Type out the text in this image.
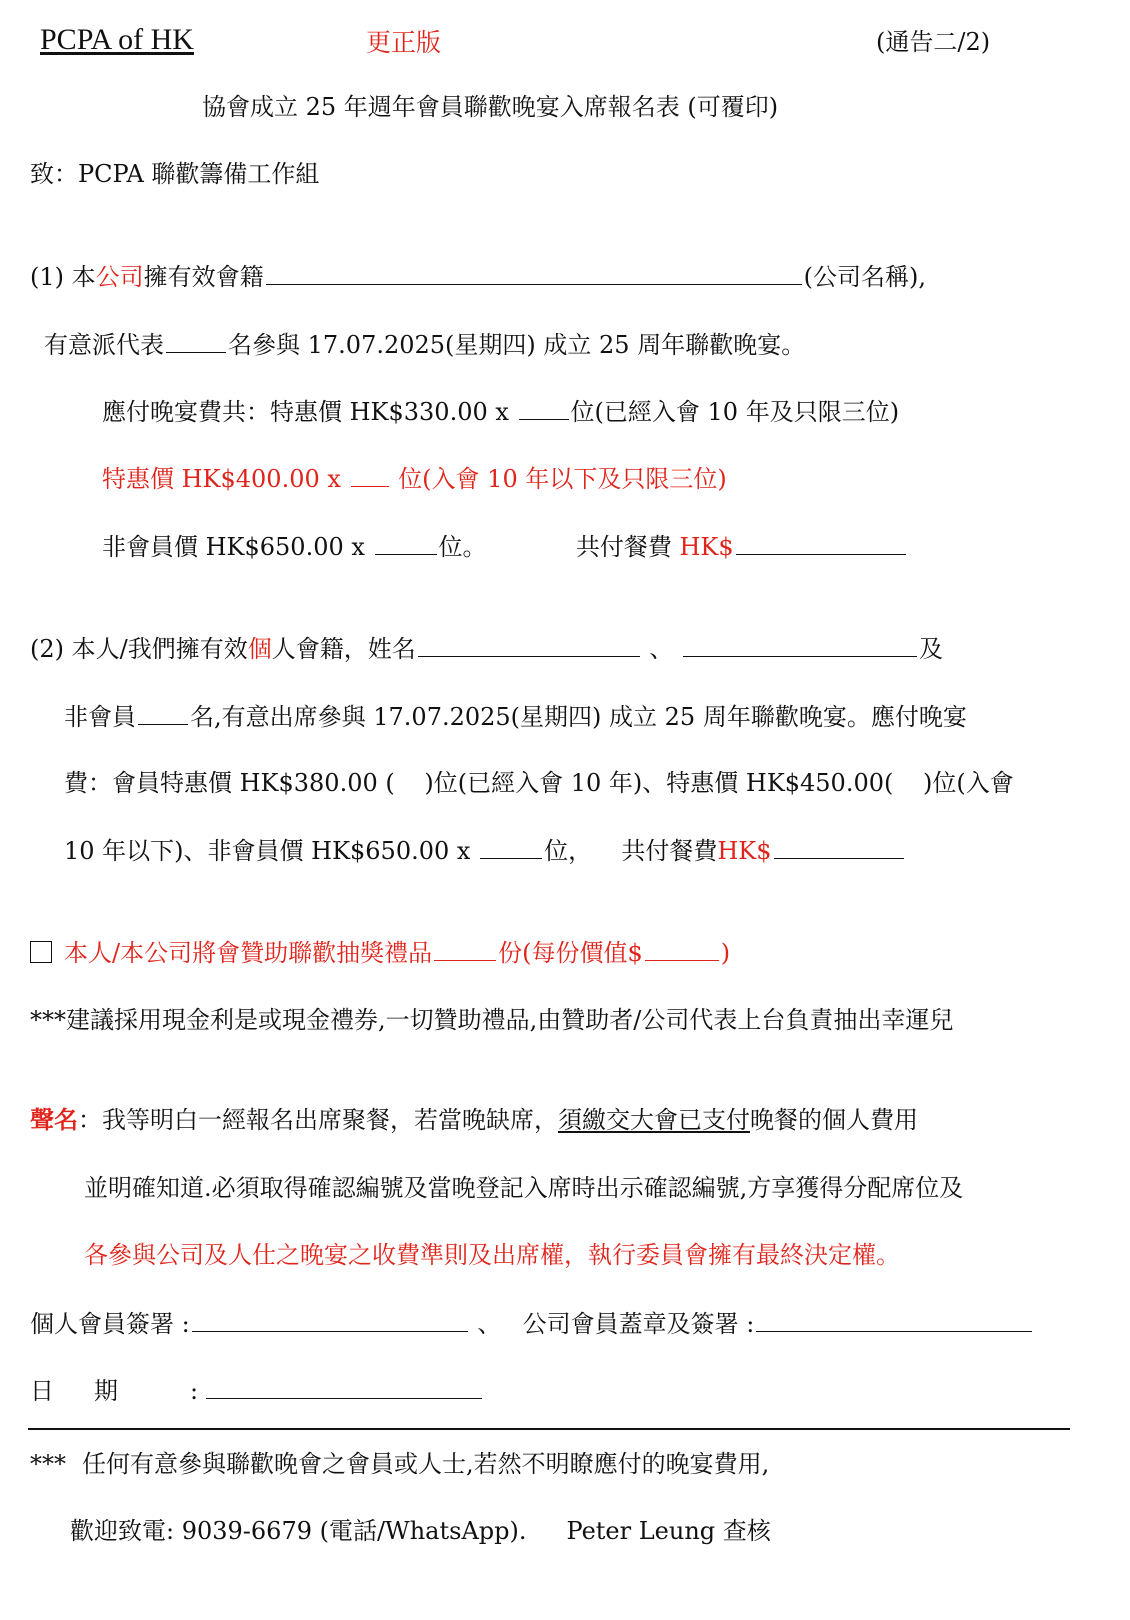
PCPA of HK	更正版	(通告二/2)
協會成立 25 年週年會員聯歡晚宴入席報名表 (可覆印)
致：PCPA 聯歡籌備工作組
(1) 本公司擁有效會籍	(公司名稱),
有意派代表	名參與 17.07.2025(星期四) 成立 25 周年聯歡晚宴。
應付晚宴費共：特惠價 HK$330.00 x	位(已經入會 10 年及只限三位)
特惠價 HK$400.00 x 位(入會 10 年以下及只限三位)
非會員價 HK$650.00 x	位。	共付餐費 HK$
(2) 本人/我們擁有效個人會籍，姓名	、	及
非會員 名,有意出席參與 17.07.2025(星期四) 成立 25 周年聯歡晚宴。應付晚宴
費：會員特惠價 HK$380.00 ( )位(已經入會 10 年)、特惠價 HK$450.00( )位(入會
10 年以下)、非會員價 HK$650.00 x	位， 共付餐費HK$
本人/本公司將會贊助聯歡抽獎禮品	份(每份價值$	)
***建議採用現金利是或現金禮券,一切贊助禮品,由贊助者/公司代表上台負責抽出幸運兒
聲名：我等明白一經報名出席聚餐，若當晚缺席，須繳交大會已支付晚餐的個人費用
並明確知道.必須取得確認編號及當晚登記入席時出示確認編號,方享獲得分配席位及
各參與公司及人仕之晚宴之收費準則及出席權，執行委員會擁有最終決定權。
個人會員簽署 :	、 公司會員蓋章及簽署 :
日 期	:
*** 任何有意參與聯歡晚會之會員或人士,若然不明瞭應付的晚宴費用,
歡迎致電: 9039-6679 (電話/WhatsApp). Peter Leung 查核
